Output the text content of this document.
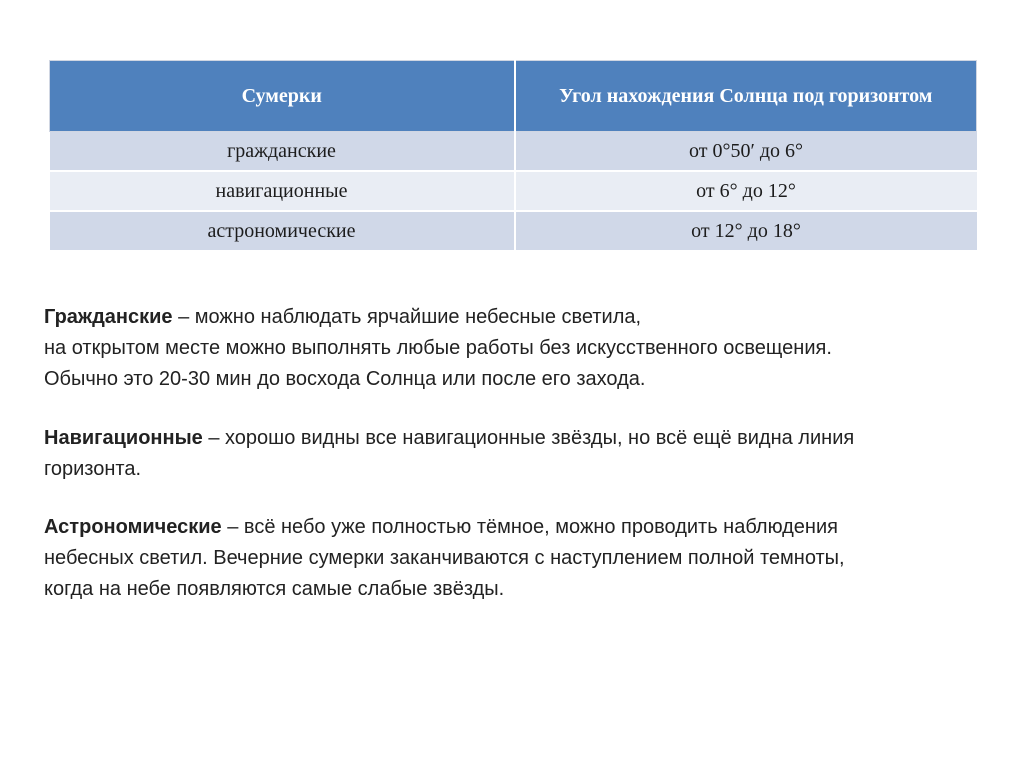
Сумерки	Угол нахождения Солнца под горизонтом
гражданские	от 0°50′ до 6°
навигационные	от 6° до 12°
астрономические	от 12° до 18°

Гражданские – можно наблюдать ярчайшие небесные светила,
на открытом месте можно выполнять любые работы без искусственного освещения.
Обычно это 20-30 мин до восхода Солнца или после его захода.

Навигационные – хорошо видны все навигационные звёзды, но всё ещё видна линия
горизонта.

Астрономические – всё небо уже полностью тёмное, можно проводить наблюдения
небесных светил. Вечерние сумерки заканчиваются с наступлением полной темноты,
когда на небе появляются самые слабые звёзды.
